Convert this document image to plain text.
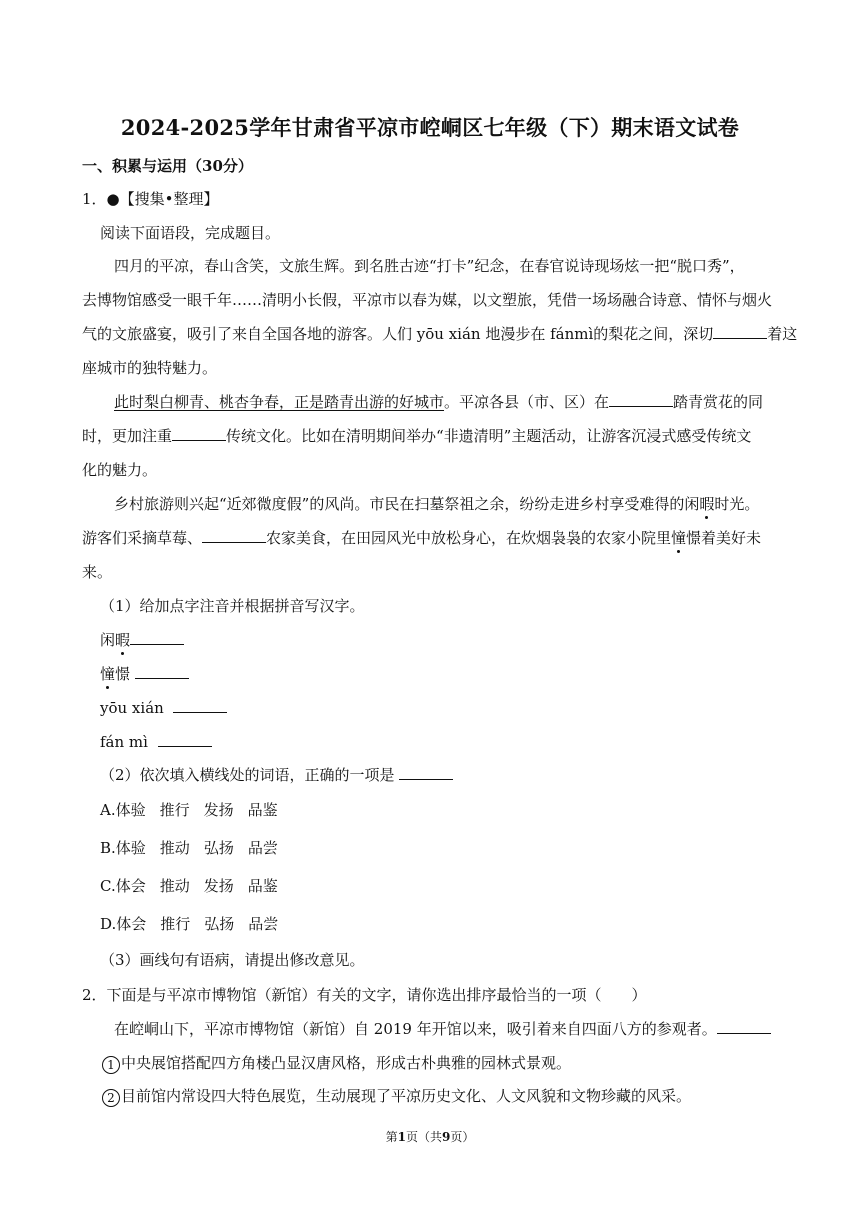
2024-2025学年甘肃省平凉市崆峒区七年级（下）期末语文试卷
一、积累与运用（30分）
1．●【搜集•整理】
阅读下面语段，完成题目。
四月的平凉，春山含笑，文旅生辉。到名胜古迹“打卡”纪念，在春官说诗现场炫一把“脱口秀”，
去博物馆感受一眼千年……清明小长假，平凉市以春为媒，以文塑旅，凭借一场场融合诗意、情怀与烟火
气的文旅盛宴，吸引了来自全国各地的游客。人们 yōu xián 地漫步在 fánmì的梨花之间，深切	着这
座城市的独特魅力。
此时梨白柳青、桃杏争春，正是踏青出游的好城市。平凉各县（市、区）在	踏青赏花的同
时，更加注重	传统文化。比如在清明期间举办“非遗清明”主题活动，让游客沉浸式感受传统文
化的魅力。
乡村旅游则兴起“近郊微度假”的风尚。市民在扫墓祭祖之余，纷纷走进乡村享受难得的闲暇时光。
游客们采摘草莓、	农家美食，在田园风光中放松身心，在炊烟袅袅的农家小院里憧憬着美好未
来。
（1）给加点字注音并根据拼音写汉字。
闲暇
憧憬
yōu xián
fán mì
（2）依次填入横线处的词语，正确的一项是
A.体验 推行 发扬 品鉴
B.体验 推动 弘扬 品尝
C.体会 推动 发扬 品鉴
D.体会 推行 弘扬 品尝
（3）画线句有语病，请提出修改意见。
2．下面是与平凉市博物馆（新馆）有关的文字，请你选出排序最恰当的一项（　　）
在崆峒山下，平凉市博物馆（新馆）自 2019 年开馆以来，吸引着来自四面八方的参观者。
1 中央展馆搭配四方角楼凸显汉唐风格，形成古朴典雅的园林式景观。
2 目前馆内常设四大特色展览，生动展现了平凉历史文化、人文风貌和文物珍藏的风采。
第1页（共9页）
